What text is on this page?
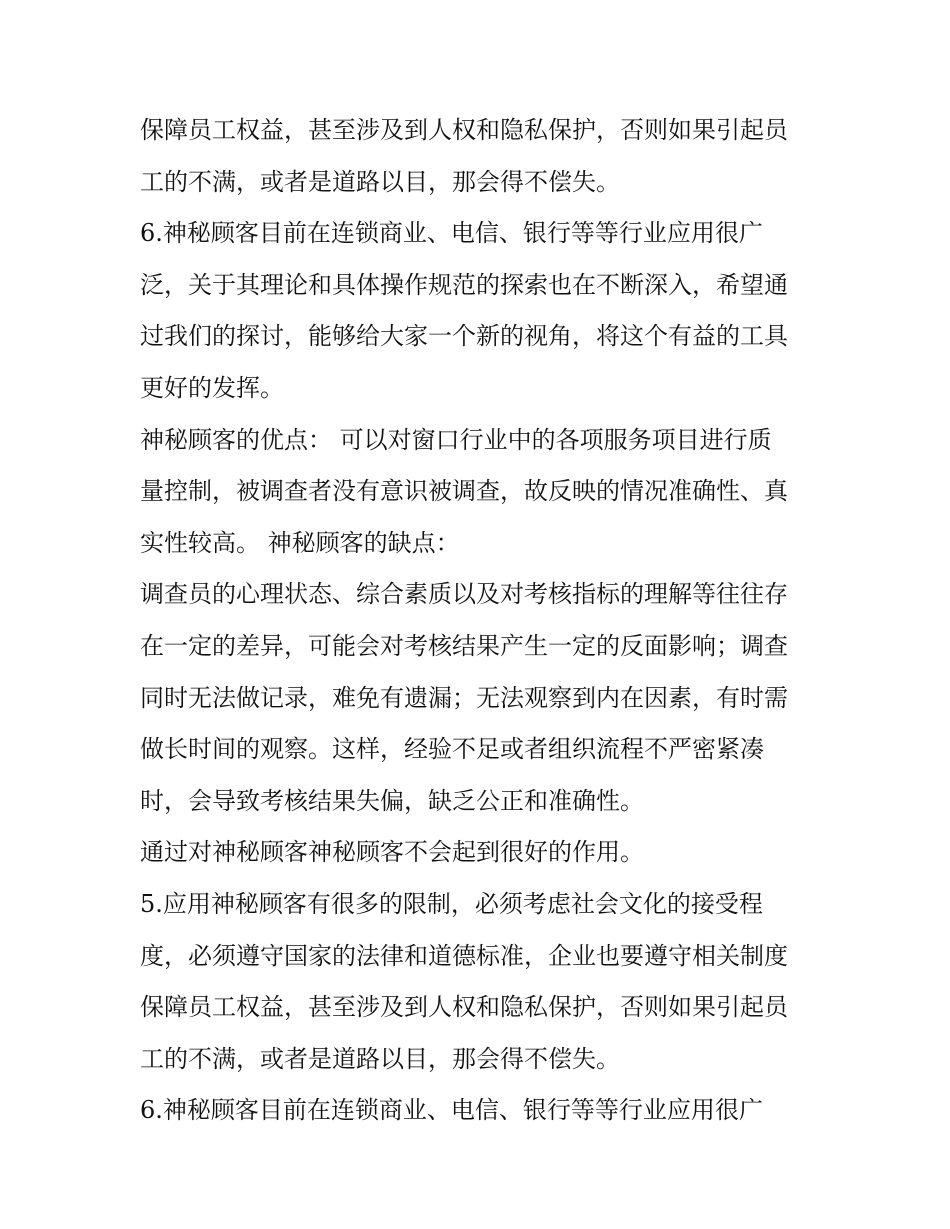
保障员工权益，甚至涉及到人权和隐私保护，否则如果引起员
工的不满，或者是道路以目，那会得不偿失。
6.神秘顾客目前在连锁商业、电信、银行等等行业应用很广
泛，关于其理论和具体操作规范的探索也在不断深入，希望通
过我们的探讨，能够给大家一个新的视角，将这个有益的工具
更好的发挥。
神秘顾客的优点： 可以对窗口行业中的各项服务项目进行质
量控制，被调查者没有意识被调查，故反映的情况准确性、真
实性较高。 神秘顾客的缺点：
调查员的心理状态、综合素质以及对考核指标的理解等往往存
在一定的差异，可能会对考核结果产生一定的反面影响；调查
同时无法做记录，难免有遗漏；无法观察到内在因素，有时需
做长时间的观察。这样，经验不足或者组织流程不严密紧凑
时，会导致考核结果失偏，缺乏公正和准确性。
通过对神秘顾客神秘顾客不会起到很好的作用。
5.应用神秘顾客有很多的限制，必须考虑社会文化的接受程
度，必须遵守国家的法律和道德标准，企业也要遵守相关制度
保障员工权益，甚至涉及到人权和隐私保护，否则如果引起员
工的不满，或者是道路以目，那会得不偿失。
6.神秘顾客目前在连锁商业、电信、银行等等行业应用很广
